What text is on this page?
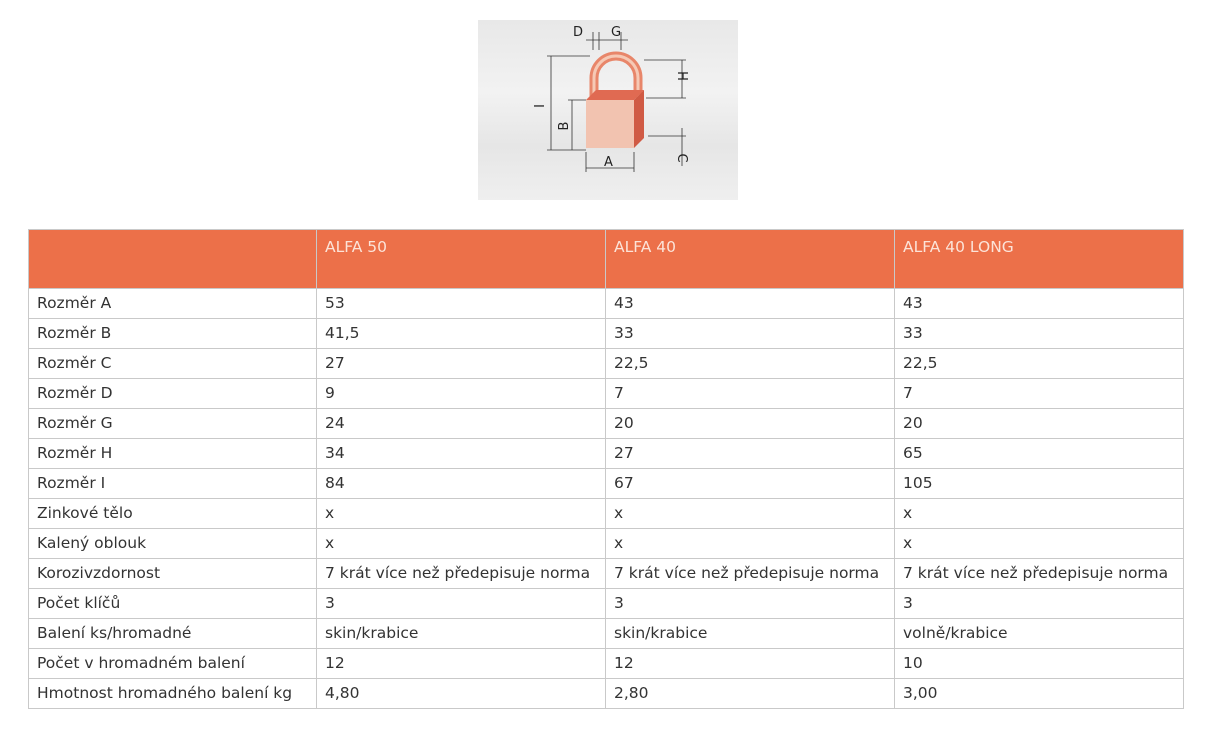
D G
I
B
A
H
C
	ALFA 50	ALFA 40	ALFA 40 LONG
Rozměr A	53	43	43
Rozměr B	41,5	33	33
Rozměr C	27	22,5	22,5
Rozměr D	9	7	7
Rozměr G	24	20	20
Rozměr H	34	27	65
Rozměr I	84	67	105
Zinkové tělo	x	x	x
Kalený oblouk	x	x	x
Korozivzdornost	7 krát více než předepisuje norma	7 krát více než předepisuje norma	7 krát více než předepisuje norma
Počet klíčů	3	3	3
Balení ks/hromadné	skin/krabice	skin/krabice	volně/krabice
Počet v hromadném balení	12	12	10
Hmotnost hromadného balení kg	4,80	2,80	3,00
